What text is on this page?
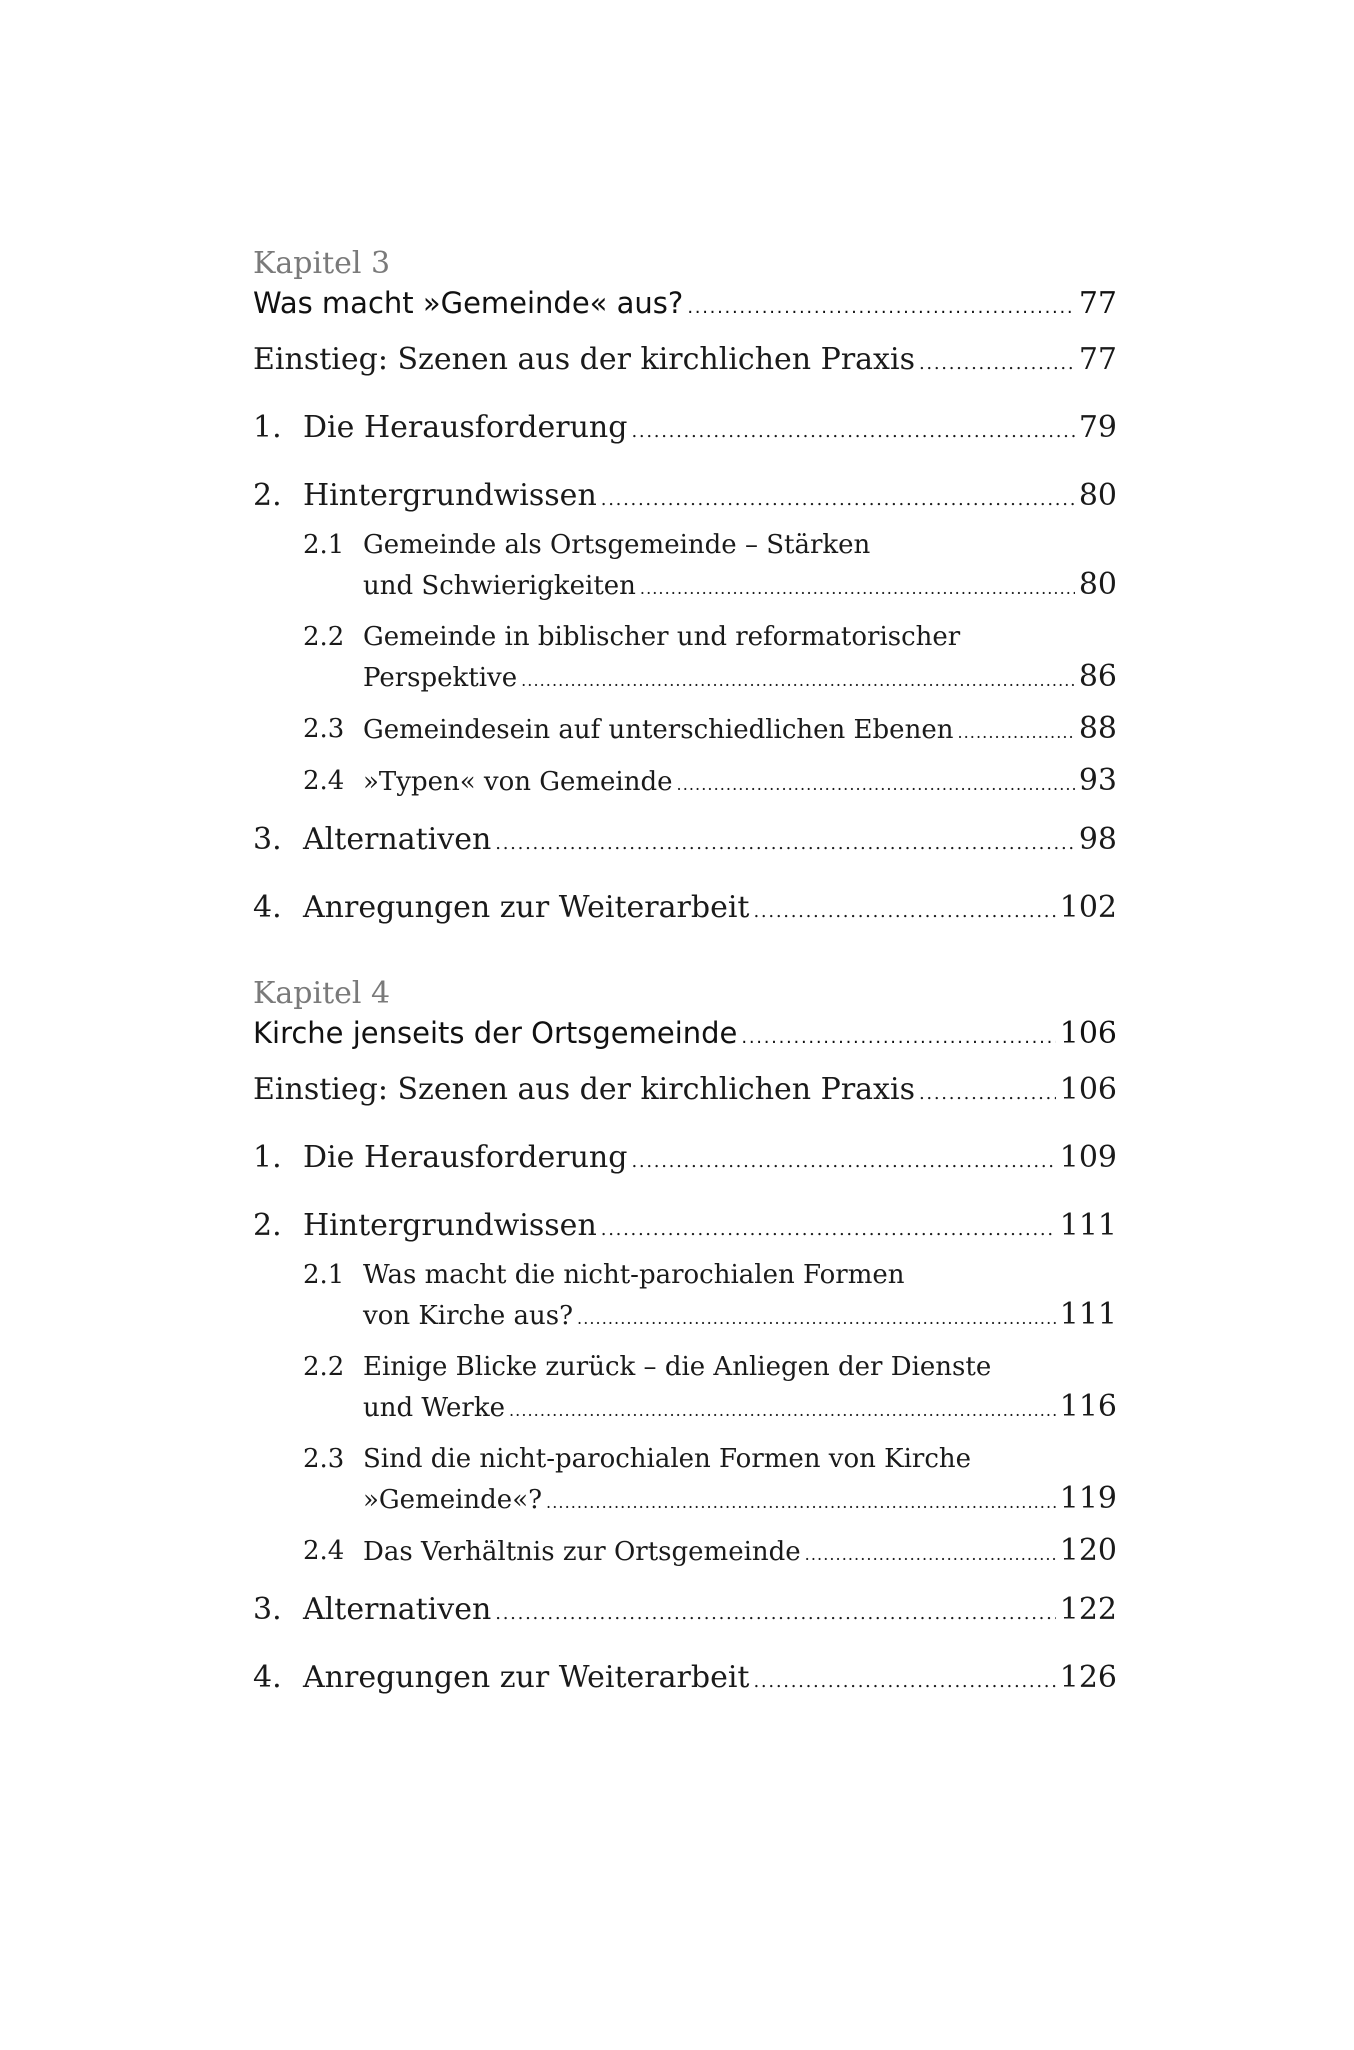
Kapitel 3
Was macht »Gemeinde« aus? . . .	77
Einstieg: Szenen aus der kirchlichen Praxis . . .	77
1. Die Herausforderung . . .	79
2. Hintergrundwissen . . .	80
2.1 Gemeinde als Ortsgemeinde – Stärken
und Schwierigkeiten . . .	80
2.2 Gemeinde in biblischer und reformatorischer
Perspektive . . .	86
2.3 Gemeindesein auf unterschiedlichen Ebenen . . .	88
2.4 »Typen« von Gemeinde . . .	93
3. Alternativen . . .	98
4. Anregungen zur Weiterarbeit . . .	102
Kapitel 4
Kirche jenseits der Ortsgemeinde . . .	106
Einstieg: Szenen aus der kirchlichen Praxis . . .	106
1. Die Herausforderung . . .	109
2. Hintergrundwissen . . .	111
2.1 Was macht die nicht-parochialen Formen
von Kirche aus? . . .	111
2.2 Einige Blicke zurück – die Anliegen der Dienste
und Werke . . .	116
2.3 Sind die nicht-parochialen Formen von Kirche
»Gemeinde«? . . .	119
2.4 Das Verhältnis zur Ortsgemeinde . . .	120
3. Alternativen . . .	122
4. Anregungen zur Weiterarbeit . . .	126
